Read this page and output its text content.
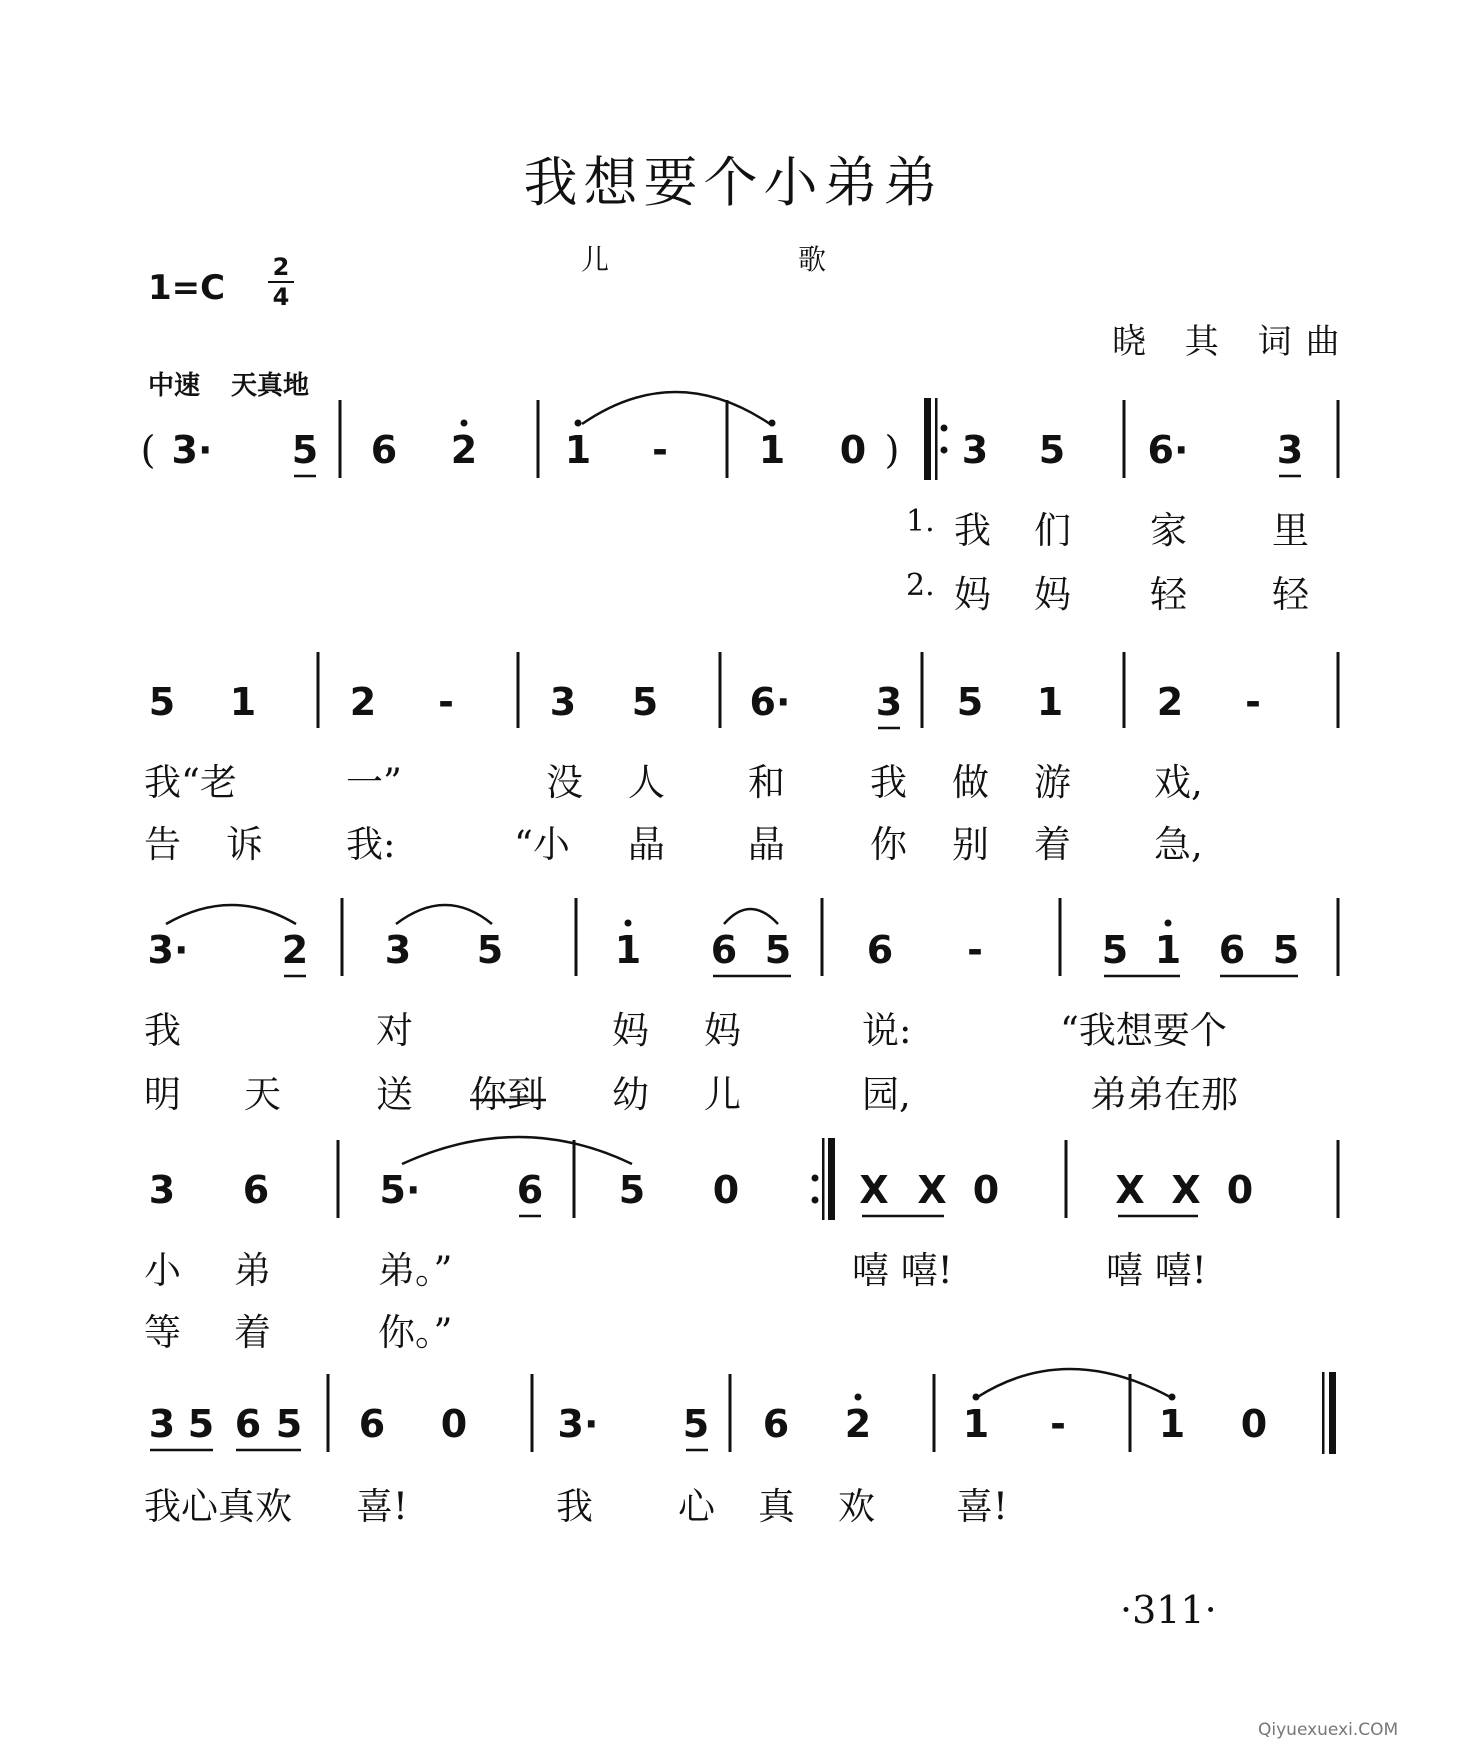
我想要个小弟弟
儿 歌
1=C
2
4
晓 其 词曲
中速 天真地
( 3· 5 6 2 1 - 1 0 ) 3 5 6· 3
1.
2.
我 们 家 里
妈 妈 轻 轻
5 1 2 -	3 5 6· 3 5 1 2 -
我“老	一”	没 人 和 我 做 游 戏,
告 诉 我:	“小 晶 晶 你 别 着 急,
3· 2 3 5	1 6 5 6 -	5 1 6 5
我	对	妈 妈	说:	“我想要个
明 天	送 你到 幼 儿	园,	弟弟在那
3 6	5·	6 5 0	X X 0	X X 0
小 弟	弟。”	嘻 嘻!	嘻 嘻!
等 着	你。”
3 5 6 5 6 0 3· 5 6 2 1 - 1 0
我心真欢 喜!	我 心 真 欢 喜!
·311·
Qiyuexuexi.COM
